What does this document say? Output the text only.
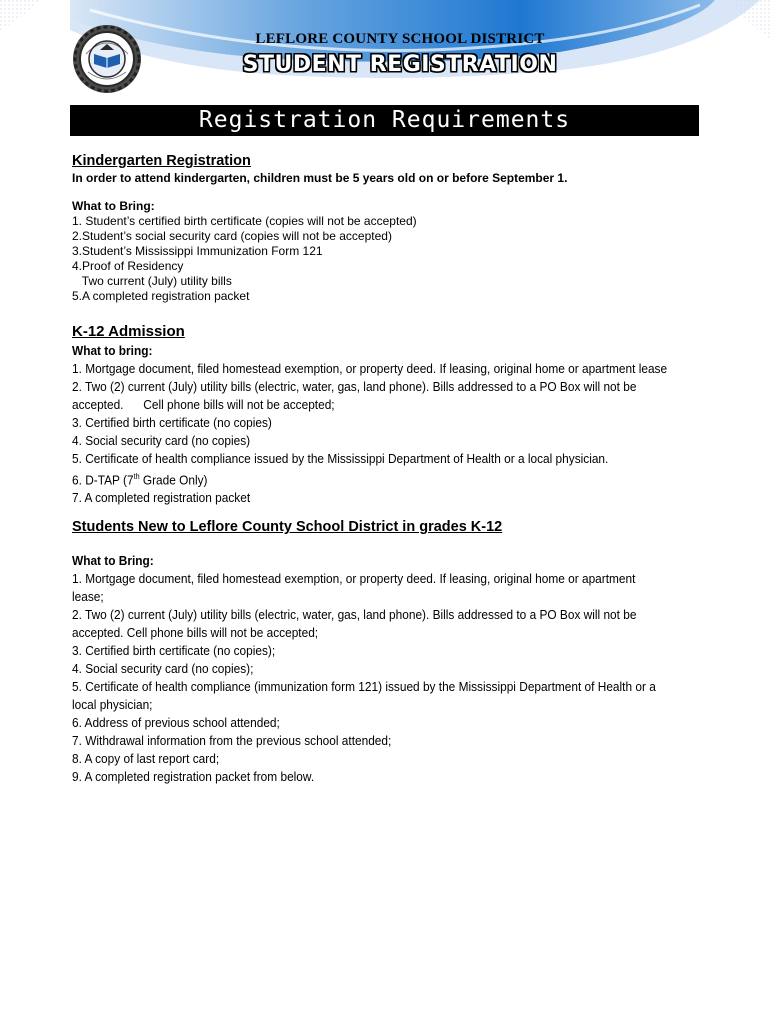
LEFLORE COUNTY SCHOOL DISTRICT
STUDENT REGISTRATION
Registration Requirements
Kindergarten Registration
In order to attend kindergarten, children must be 5 years old on or before September 1.
What to Bring:
1. Student’s certified birth certificate (copies will not be accepted)
2.Student’s social security card (copies will not be accepted)
3.Student’s Mississippi Immunization Form 121
4.Proof of Residency
Two current (July) utility bills
5.A completed registration packet
K-12 Admission
What to bring:
1. Mortgage document, filed homestead exemption, or property deed. If leasing, original home or apartment lease
2. Two (2) current (July) utility bills (electric, water, gas, land phone). Bills addressed to a PO Box will not be
accepted. Cell phone bills will not be accepted;
3. Certified birth certificate (no copies)
4. Social security card (no copies)
5. Certificate of health compliance issued by the Mississippi Department of Health or a local physician.
6. D-TAP (7th Grade Only)
7. A completed registration packet
Students New to Leflore County School District in grades K-12
What to Bring:
1. Mortgage document, filed homestead exemption, or property deed. If leasing, original home or apartment
lease;
2. Two (2) current (July) utility bills (electric, water, gas, land phone). Bills addressed to a PO Box will not be
accepted. Cell phone bills will not be accepted;
3. Certified birth certificate (no copies);
4. Social security card (no copies);
5. Certificate of health compliance (immunization form 121) issued by the Mississippi Department of Health or a
local physician;
6. Address of previous school attended;
7. Withdrawal information from the previous school attended;
8. A copy of last report card;
9. A completed registration packet from below.
